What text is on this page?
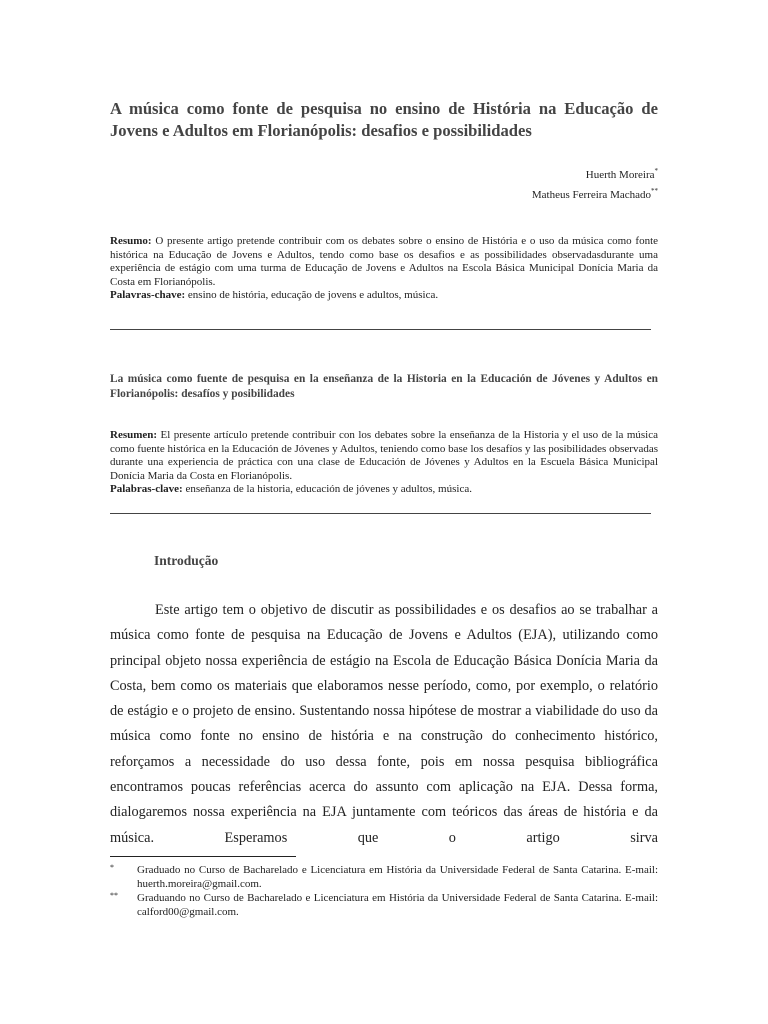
A música como fonte de pesquisa no ensino de História na Educação de Jovens e Adultos em Florianópolis: desafios e possibilidades
Huerth Moreira*
Matheus Ferreira Machado**
Resumo: O presente artigo pretende contribuir com os debates sobre o ensino de História e o uso da música como fonte histórica na Educação de Jovens e Adultos, tendo como base os desafios e as possibilidades observadasdurante uma experiência de estágio com uma turma de Educação de Jovens e Adultos na Escola Básica Municipal Donícia Maria da Costa em Florianópolis.
Palavras-chave: ensino de história, educação de jovens e adultos, música.
La música como fuente de pesquisa en la enseñanza de la Historia en la Educación de Jóvenes y Adultos en Florianópolis: desafíos y posibilidades
Resumen: El presente artículo pretende contribuir con los debates sobre la enseñanza de la Historia y el uso de la música como fuente histórica en la Educación de Jóvenes y Adultos, teniendo como base los desafíos y las posibilidades observadas durante una experiencia de práctica con una clase de Educación de Jóvenes y Adultos en la Escuela Básica Municipal Donícia Maria da Costa en Florianópolis.
Palabras-clave: enseñanza de la historia, educación de jóvenes y adultos, música.
Introdução

Este artigo tem o objetivo de discutir as possibilidades e os desafios ao se trabalhar a música como fonte de pesquisa na Educação de Jovens e Adultos (EJA), utilizando como principal objeto nossa experiência de estágio na Escola de Educação Básica Donícia Maria da Costa, bem como os materiais que elaboramos nesse período, como, por exemplo, o relatório de estágio e o projeto de ensino. Sustentando nossa hipótese de mostrar a viabilidade do uso da música como fonte no ensino de história e na construção do conhecimento histórico, reforçamos a necessidade do uso dessa fonte, pois em nossa pesquisa bibliográfica encontramos poucas referências acerca do assunto com aplicação na EJA. Dessa forma, dialogaremos nossa experiência na EJA juntamente com teóricos das áreas de história e da música. Esperamos que o artigo sirva

* Graduado no Curso de Bacharelado e Licenciatura em História da Universidade Federal de Santa Catarina. E-mail: huerth.moreira@gmail.com.
** Graduando no Curso de Bacharelado e Licenciatura em História da Universidade Federal de Santa Catarina. E-mail: calford00@gmail.com.
